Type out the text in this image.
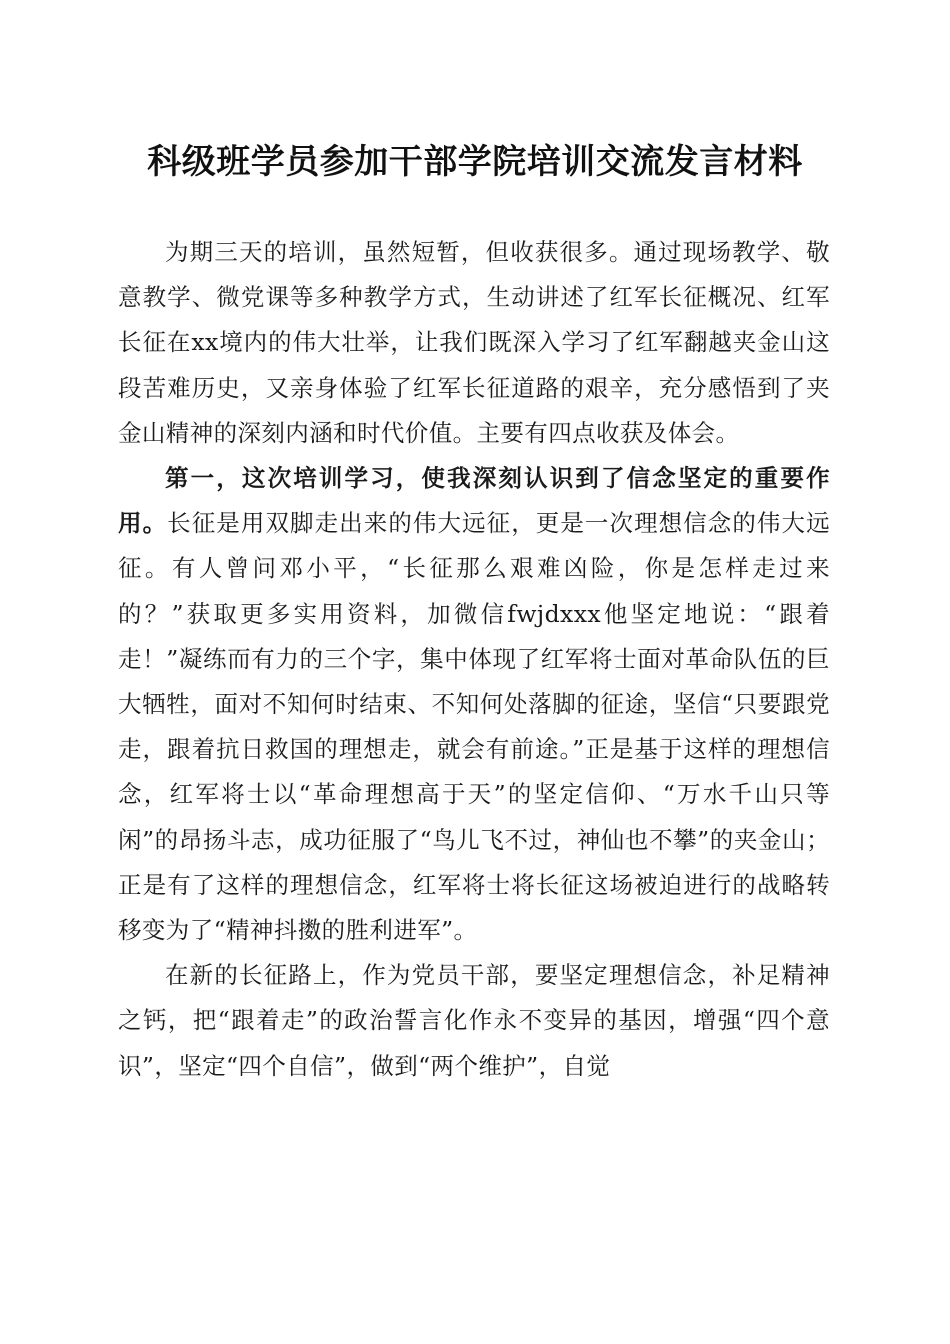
科级班学员参加干部学院培训交流发言材料

为期三天的培训，虽然短暂，但收获很多。通过现场教学、敬意教学、微党课等多种教学方式，生动讲述了红军长征概况、红军长征在xx境内的伟大壮举，让我们既深入学习了红军翻越夹金山这段苦难历史，又亲身体验了红军长征道路的艰辛，充分感悟到了夹金山精神的深刻内涵和时代价值。主要有四点收获及体会。

第一，这次培训学习，使我深刻认识到了信念坚定的重要作用。长征是用双脚走出来的伟大远征，更是一次理想信念的伟大远征。有人曾问邓小平，“长征那么艰难凶险，你是怎样走过来的？”获取更多实用资料，加微信fwjdxxx他坚定地说：“跟着走！”凝练而有力的三个字，集中体现了红军将士面对革命队伍的巨大牺牲，面对不知何时结束、不知何处落脚的征途，坚信“只要跟党走，跟着抗日救国的理想走，就会有前途。”正是基于这样的理想信念，红军将士以“革命理想高于天”的坚定信仰、“万水千山只等闲”的昂扬斗志，成功征服了“鸟儿飞不过，神仙也不攀”的夹金山；正是有了这样的理想信念，红军将士将长征这场被迫进行的战略转移变为了“精神抖擞的胜利进军”。

在新的长征路上，作为党员干部，要坚定理想信念，补足精神之钙，把“跟着走”的政治誓言化作永不变异的基因，增强“四个意识”，坚定“四个自信”，做到“两个维护”，自觉
